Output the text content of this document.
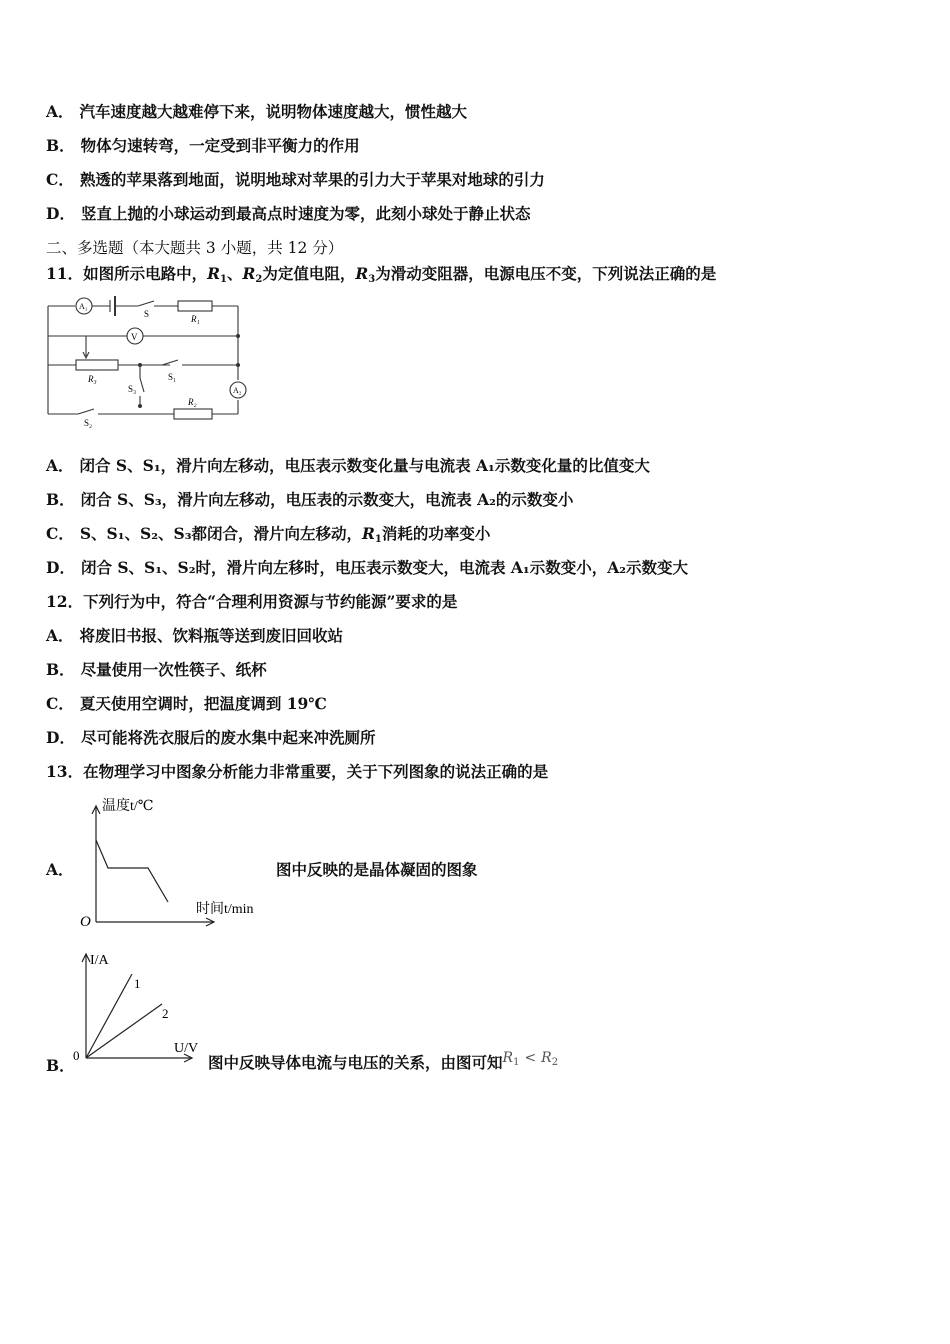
A． 汽车速度越大越难停下来，说明物体速度越大，惯性越大
B． 物体匀速转弯，一定受到非平衡力的作用
C． 熟透的苹果落到地面，说明地球对苹果的引力大于苹果对地球的引力
D． 竖直上抛的小球运动到最高点时速度为零，此刻小球处于静止状态
二、多选题（本大题共 3 小题，共 12 分）
11．如图所示电路中，$R_1$、$R_2$为定值电阻，$R_3$为滑动变阻器，电源电压不变，下列说法正确的是
A₁
S	R₁
V
R₃	S₁
S₃	A₂
R₂
S₂
A． 闭合 S、S₁，滑片向左移动，电压表示数变化量与电流表 A₁示数变化量的比值变大
B． 闭合 S、S₃，滑片向左移动，电压表的示数变大，电流表 A₂的示数变小
C． S、S₁、S₂、S₃都闭合，滑片向左移动，$R_1$消耗的功率变小
D． 闭合 S、S₁、S₂时，滑片向左移时，电压表示数变大，电流表 A₁示数变小，A₂示数变大
12．下列行为中，符合“合理利用资源与节约能源”要求的是
A． 将废旧书报、饮料瓶等送到废旧回收站
B． 尽量使用一次性筷子、纸杯
C． 夏天使用空调时，把温度调到 19℃
D． 尽可能将洗衣服后的废水集中起来冲洗厕所
13．在物理学习中图象分析能力非常重要，关于下列图象的说法正确的是
A．
温度t/℃
时间t/min
O
图中反映的是晶体凝固的图象
B．
I/A
U/V
0
1
2
图中反映导体电流与电压的关系，由图可知$R_1 < R_2$
